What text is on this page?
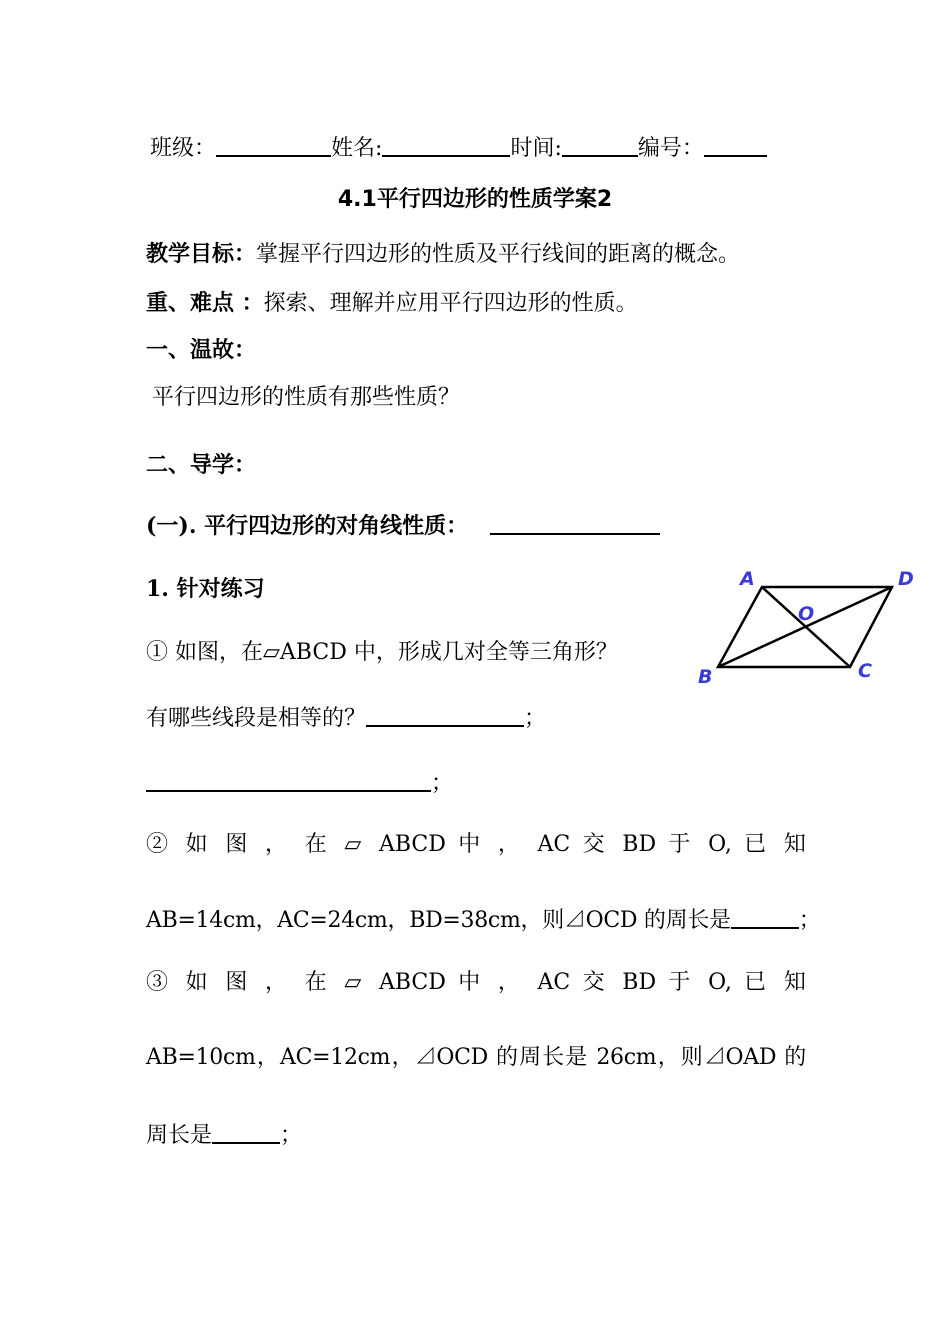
班级：	姓名:	时间:	编号：
4.1平行四边形的性质学案2
教学目标：掌握平行四边形的性质及平行线间的距离的概念。
重、难点 ：探索、理解并应用平行四边形的性质。
一、温故：
平行四边形的性质有那些性质？
二、导学：
(一). 平行四边形的对角线性质：
1. 针对练习	A	D
O
B	C
① 如图，在▱ABCD 中，形成几对全等三角形？
有哪些线段是相等的？	；
；
② 如 图 ， 在 ▱ ABCD 中 ， AC 交 BD 于 O, 已 知
AB=14cm，AC=24cm，BD=38cm，则⊿OCD 的周长是	；
③ 如 图 ， 在 ▱ ABCD 中 ， AC 交 BD 于 O, 已 知
AB=10cm，AC=12cm，⊿OCD 的周长是 26cm，则⊿OAD 的
周长是	；
